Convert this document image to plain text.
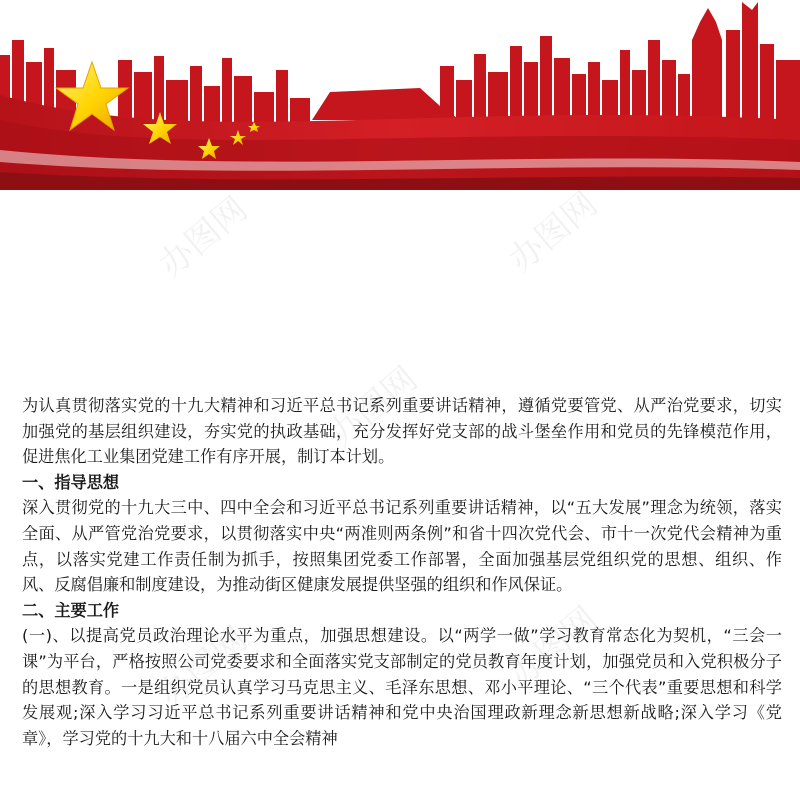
办图网	办图网
办图网
办图网
办图网

为认真贯彻落实党的十九大精神和习近平总书记系列重要讲话精神，遵循党要管党、从严治党要求，切实加强党的基层组织建设，夯实党的执政基础，充分发挥好党支部的战斗堡垒作用和党员的先锋模范作用，促进焦化工业集团党建工作有序开展，制订本计划。

一、指导思想

深入贯彻党的十九大三中、四中全会和习近平总书记系列重要讲话精神，以“五大发展”理念为统领，落实全面、从严管党治党要求，以贯彻落实中央“两准则两条例”和省十四次党代会、市十一次党代会精神为重点，以落实党建工作责任制为抓手，按照集团党委工作部署，全面加强基层党组织党的思想、组织、作风、反腐倡廉和制度建设，为推动街区健康发展提供坚强的组织和作风保证。

二、主要工作

(一)、以提高党员政治理论水平为重点，加强思想建设。以“两学一做”学习教育常态化为契机，“三会一课”为平台，严格按照公司党委要求和全面落实党支部制定的党员教育年度计划，加强党员和入党积极分子的思想教育。一是组织党员认真学习马克思主义、毛泽东思想、邓小平理论、“三个代表”重要思想和科学发展观;深入学习习近平总书记系列重要讲话精神和党中央治国理政新理念新思想新战略;深入学习《党章》，学习党的十九大和十八届六中全会精神
